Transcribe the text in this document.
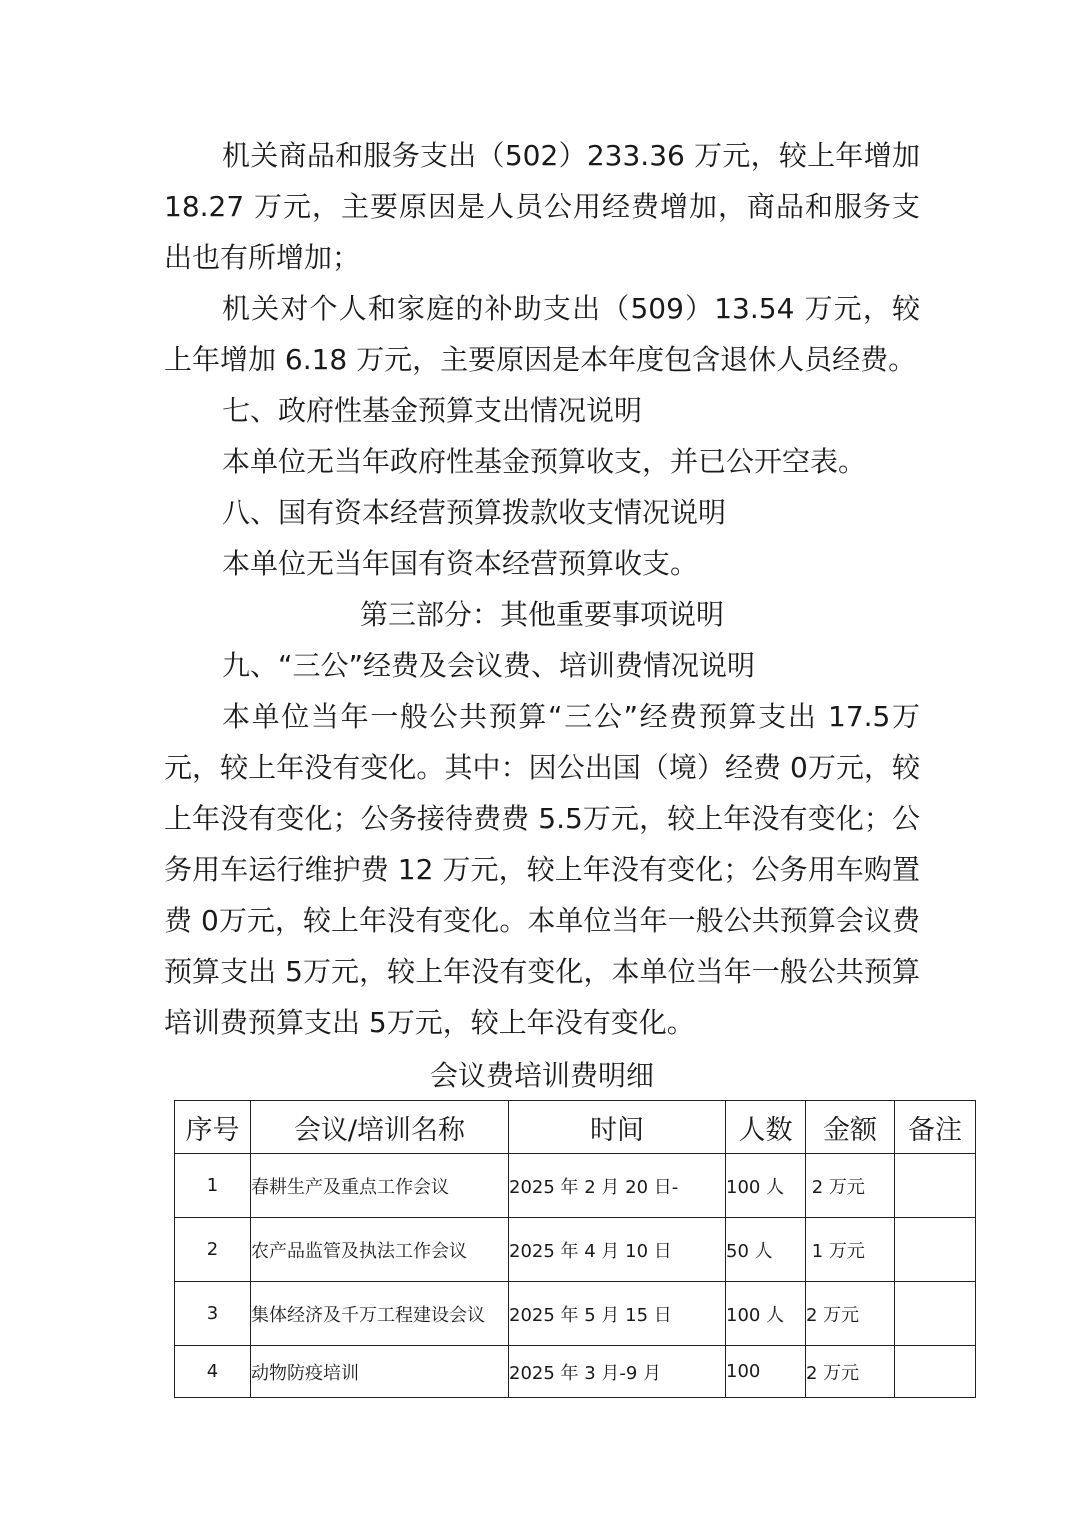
机关商品和服务支出（502）233.36 万元，较上年增加18.27 万元，主要原因是人员公用经费增加，商品和服务支出也有所增加；

机关对个人和家庭的补助支出（509）13.54 万元，较上年增加 6.18 万元，主要原因是本年度包含退休人员经费。

七、政府性基金预算支出情况说明

本单位无当年政府性基金预算收支，并已公开空表。

八、国有资本经营预算拨款收支情况说明

本单位无当年国有资本经营预算收支。

第三部分：其他重要事项说明

九、“三公”经费及会议费、培训费情况说明

本单位当年一般公共预算“三公”经费预算支出 17.5万元，较上年没有变化。其中：因公出国（境）经费 0万元，较上年没有变化；公务接待费费 5.5万元，较上年没有变化；公务用车运行维护费 12 万元，较上年没有变化；公务用车购置费 0万元，较上年没有变化。本单位当年一般公共预算会议费预算支出 5万元，较上年没有变化，本单位当年一般公共预算培训费预算支出 5万元，较上年没有变化。

会议费培训费明细
序号	会议/培训名称	时间	人数	金额	备注
1	春耕生产及重点工作会议	2025 年 2 月 20 日-	100 人	2 万元	
2	农产品监管及执法工作会议	2025 年 4 月 10 日	50 人	1 万元	
3	集体经济及千万工程建设会议	2025 年 5 月 15 日	100 人	2 万元	
4	动物防疫培训	2025 年 3 月-9 月	100	2 万元	
